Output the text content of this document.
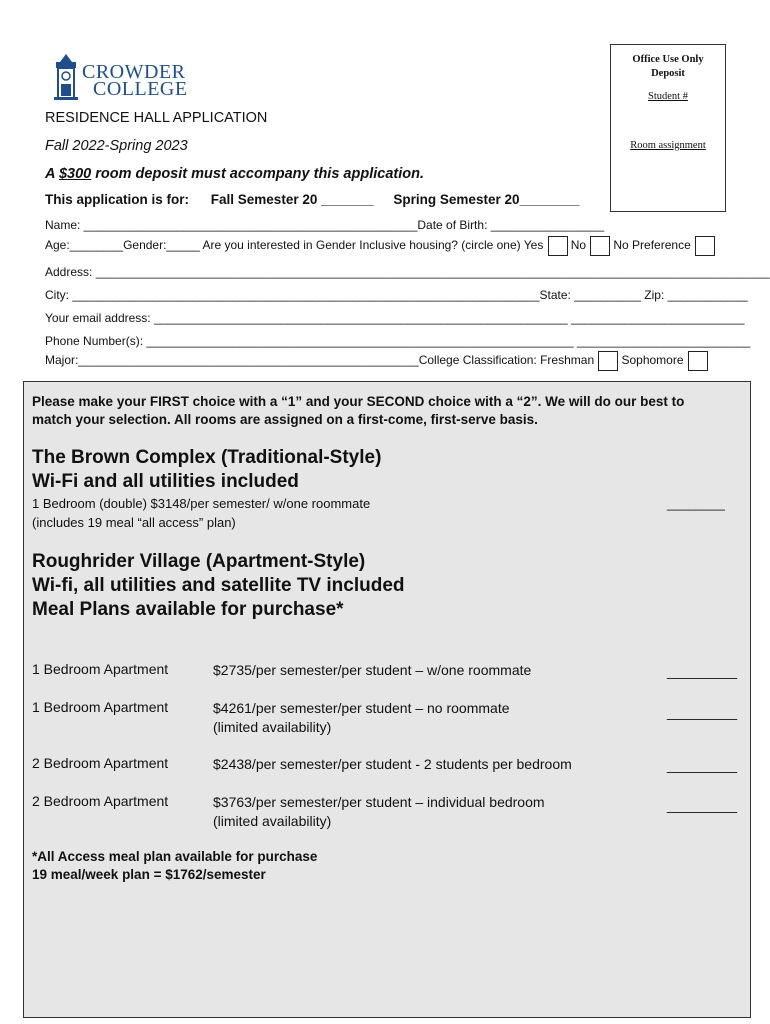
CROWDER
COLLEGE
Office Use Only
Deposit
Student #
Room assignment
RESIDENCE HALL APPLICATION
Fall 2022-Spring 2023
A $300 room deposit must accompany this application.
This application is for: Fall Semester 20 _______ Spring Semester 20________
Name: __________________________________________________Date of Birth: _________________
Age:________Gender:_____ Are you interested in Gender Inclusive housing? (circle one) Yes No No Preference
Address: _____________________________________________________________________________________________________
City: ______________________________________________________________________State: __________ Zip: ____________
Your email address: ______________________________________________________________ __________________________
Phone Number(s): ________________________________________________________________ __________________________
Major:___________________________________________________College Classification: Freshman Sophomore
Please make your FIRST choice with a “1” and your SECOND choice with a “2”. We will do our best to
match your selection. All rooms are assigned on a first-come, first-serve basis.
The Brown Complex (Traditional-Style)
Wi-Fi and all utilities included
1 Bedroom (double) $3148/per semester/ w/one roommate
(includes 19 meal “all access” plan)
________
Roughrider Village (Apartment-Style)
Wi-fi, all utilities and satellite TV included
Meal Plans available for purchase*
1 Bedroom Apartment	$2735/per semester/per student – w/one roommate	_________
1 Bedroom Apartment	$4261/per semester/per student – no roommate
(limited availability)
_________
2 Bedroom Apartment	$2438/per semester/per student - 2 students per bedroom	_________
2 Bedroom Apartment	$3763/per semester/per student – individual bedroom
(limited availability)
_________
*All Access meal plan available for purchase
19 meal/week plan = $1762/semester
